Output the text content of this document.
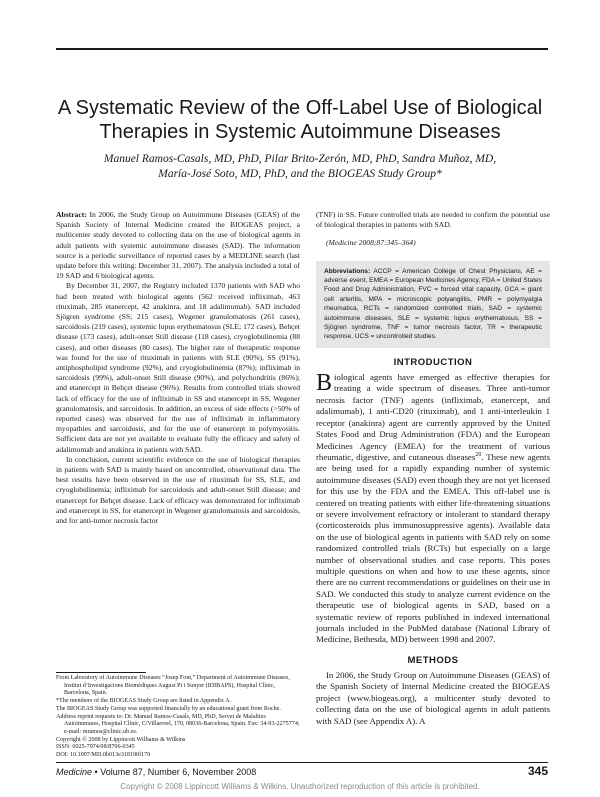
A Systematic Review of the Off-Label Use of Biological
Therapies in Systemic Autoimmune Diseases
Manuel Ramos-Casals, MD, PhD, Pilar Brito-Zerón, MD, PhD, Sandra Muñoz, MD,
María-José Soto, MD, PhD, and the BIOGEAS Study Group*

Abstract: In 2006, the Study Group on Autoimmune Diseases (GEAS) of the Spanish Society of Internal Medicine created the BIOGEAS project, a multicenter study devoted to collecting data on the use of biological agents in adult patients with systemic autoimmune diseases (SAD). The information source is a periodic surveillance of reported cases by a MEDLINE search (last update before this writing: December 31, 2007). The analysis included a total of 19 SAD and 6 biological agents.

By December 31, 2007, the Registry included 1370 patients with SAD who had been treated with biological agents (562 received infliximab, 463 rituximab, 285 etanercept, 42 anakinra, and 18 adalimumab). SAD included Sjögren syndrome (SS; 215 cases), Wegener granulomatosis (261 cases), sarcoidosis (219 cases), systemic lupus erythematosus (SLE; 172 cases), Behçet disease (173 cases), adult-onset Still disease (118 cases), cryoglobulinemia (88 cases), and other diseases (80 cases). The higher rate of therapeutic response was found for the use of rituximab in patients with SLE (90%), SS (91%), antiphospholipid syndrome (92%), and cryoglobulinemia (87%); infliximab in sarcoidosis (99%), adult-onset Still disease (90%), and polychondritis (86%); and etanercept in Behçet disease (96%). Results from controlled trials showed lack of efficacy for the use of infliximab in SS and etanercept in SS, Wegener granulomatosis, and sarcoidosis. In addition, an excess of side effects (>50% of reported cases) was observed for the use of infliximab in inflammatory myopathies and sarcoidosis, and for the use of etanercept in polymyositis. Sufficient data are not yet available to evaluate fully the efficacy and safety of adalimumab and anakinra in patients with SAD.

In conclusion, current scientific evidence on the use of biological therapies in patients with SAD is mainly based on uncontrolled, observational data. The best results have been observed in the use of rituximab for SS, SLE, and cryoglobulinemia; infliximab for sarcoidosis and adult-onset Still disease; and etanercept for Behçet disease. Lack of efficacy was demonstrated for infliximab and etanercept in SS, for etanercept in Wegener granulomatosis and sarcoidosis, and for anti-tumor necrosis factor

(TNF) in SS. Future controlled trials are needed to confirm the potential use of biological therapies in patients with SAD.

(Medicine 2008;87:345–364)

Abbreviations: ACCP = American College of Chest Physicians, AE = adverse event, EMEA = European Medicines Agency, FDA = United States Food and Drug Administration, FVC = forced vital capacity, GCA = giant cell arteritis, MPA = microscopic polyangiitis, PMR = polymyalgia rheumatica, RCTs = randomized controlled trials, SAD = systemic autoimmune diseases, SLE = systemic lupus erythematosus, SS = Sjögren syndrome, TNF = tumor necrosis factor, TR = therapeutic response, UCS = uncontrolled studies.

INTRODUCTION

Biological agents have emerged as effective therapies for treating a wide spectrum of diseases. Three anti-tumor necrosis factor (TNF) agents (infliximab, etanercept, and adalimumab), 1 anti-CD20 (rituximab), and 1 anti-interleukin 1 receptor (anakinra) agent are currently approved by the United States Food and Drug Administration (FDA) and the European Medicines Agency (EMEA) for the treatment of various rheumatic, digestive, and cutaneous diseases$^{20}$. These new agents are being used for a rapidly expanding number of systemic autoimmune diseases (SAD) even though they are not yet licensed for this use by the FDA and the EMEA. This off-label use is centered on treating patients with either life-threatening situations or severe involvement refractory or intolerant to standard therapy (corticosteroids plus immunosuppressive agents). Available data on the use of biological agents in patients with SAD rely on some randomized controlled trials (RCTs) but especially on a large number of observational studies and case reports. This poses multiple questions on when and how to use these agents, since there are no current recommendations or guidelines on their use in SAD. We conducted this study to analyze current evidence on the therapeutic use of biological agents in SAD, based on a systematic review of reports published in indexed international journals included in the PubMed database (National Library of Medicine, Bethesda, MD) between 1998 and 2007.

METHODS

In 2006, the Study Group on Autoimmune Diseases (GEAS) of the Spanish Society of Internal Medicine created the BIOGEAS project (www.biogeas.org), a multicenter study devoted to collecting data on the use of biological agents in adult patients with SAD (see Appendix A). A

From Laboratory of Autoimmune Diseases “Josep Font,” Department of Autoimmune Diseases, Institut d’Investigacions Biomèdiques August Pi i Sunyer (IDIBAPS), Hospital Clínic, Barcelona, Spain.

*The members of the BIOGEAS Study Group are listed in Appendix A.

The BIOGEAS Study Group was supported financially by an educational grant from Roche.

Address reprint requests to: Dr. Manuel Ramos-Casals, MD, PhD, Servei de Malalties Autoimmunes, Hospital Clínic, C/Villarroel, 170, 08036-Barcelona, Spain. Fax: 34-93-2275774; e-mail: mramos@clinic.ub.es.

Copyright © 2008 by Lippincott Williams & Wilkins

ISSN: 0025-7974/08/8706-0345

DOI: 10.1097/MD.0b013e318190f170

Medicine • Volume 87, Number 6, November 2008	345
Copyright © 2008 Lippincott Williams & Wilkins. Unauthorized reproduction of this article is prohibited.
